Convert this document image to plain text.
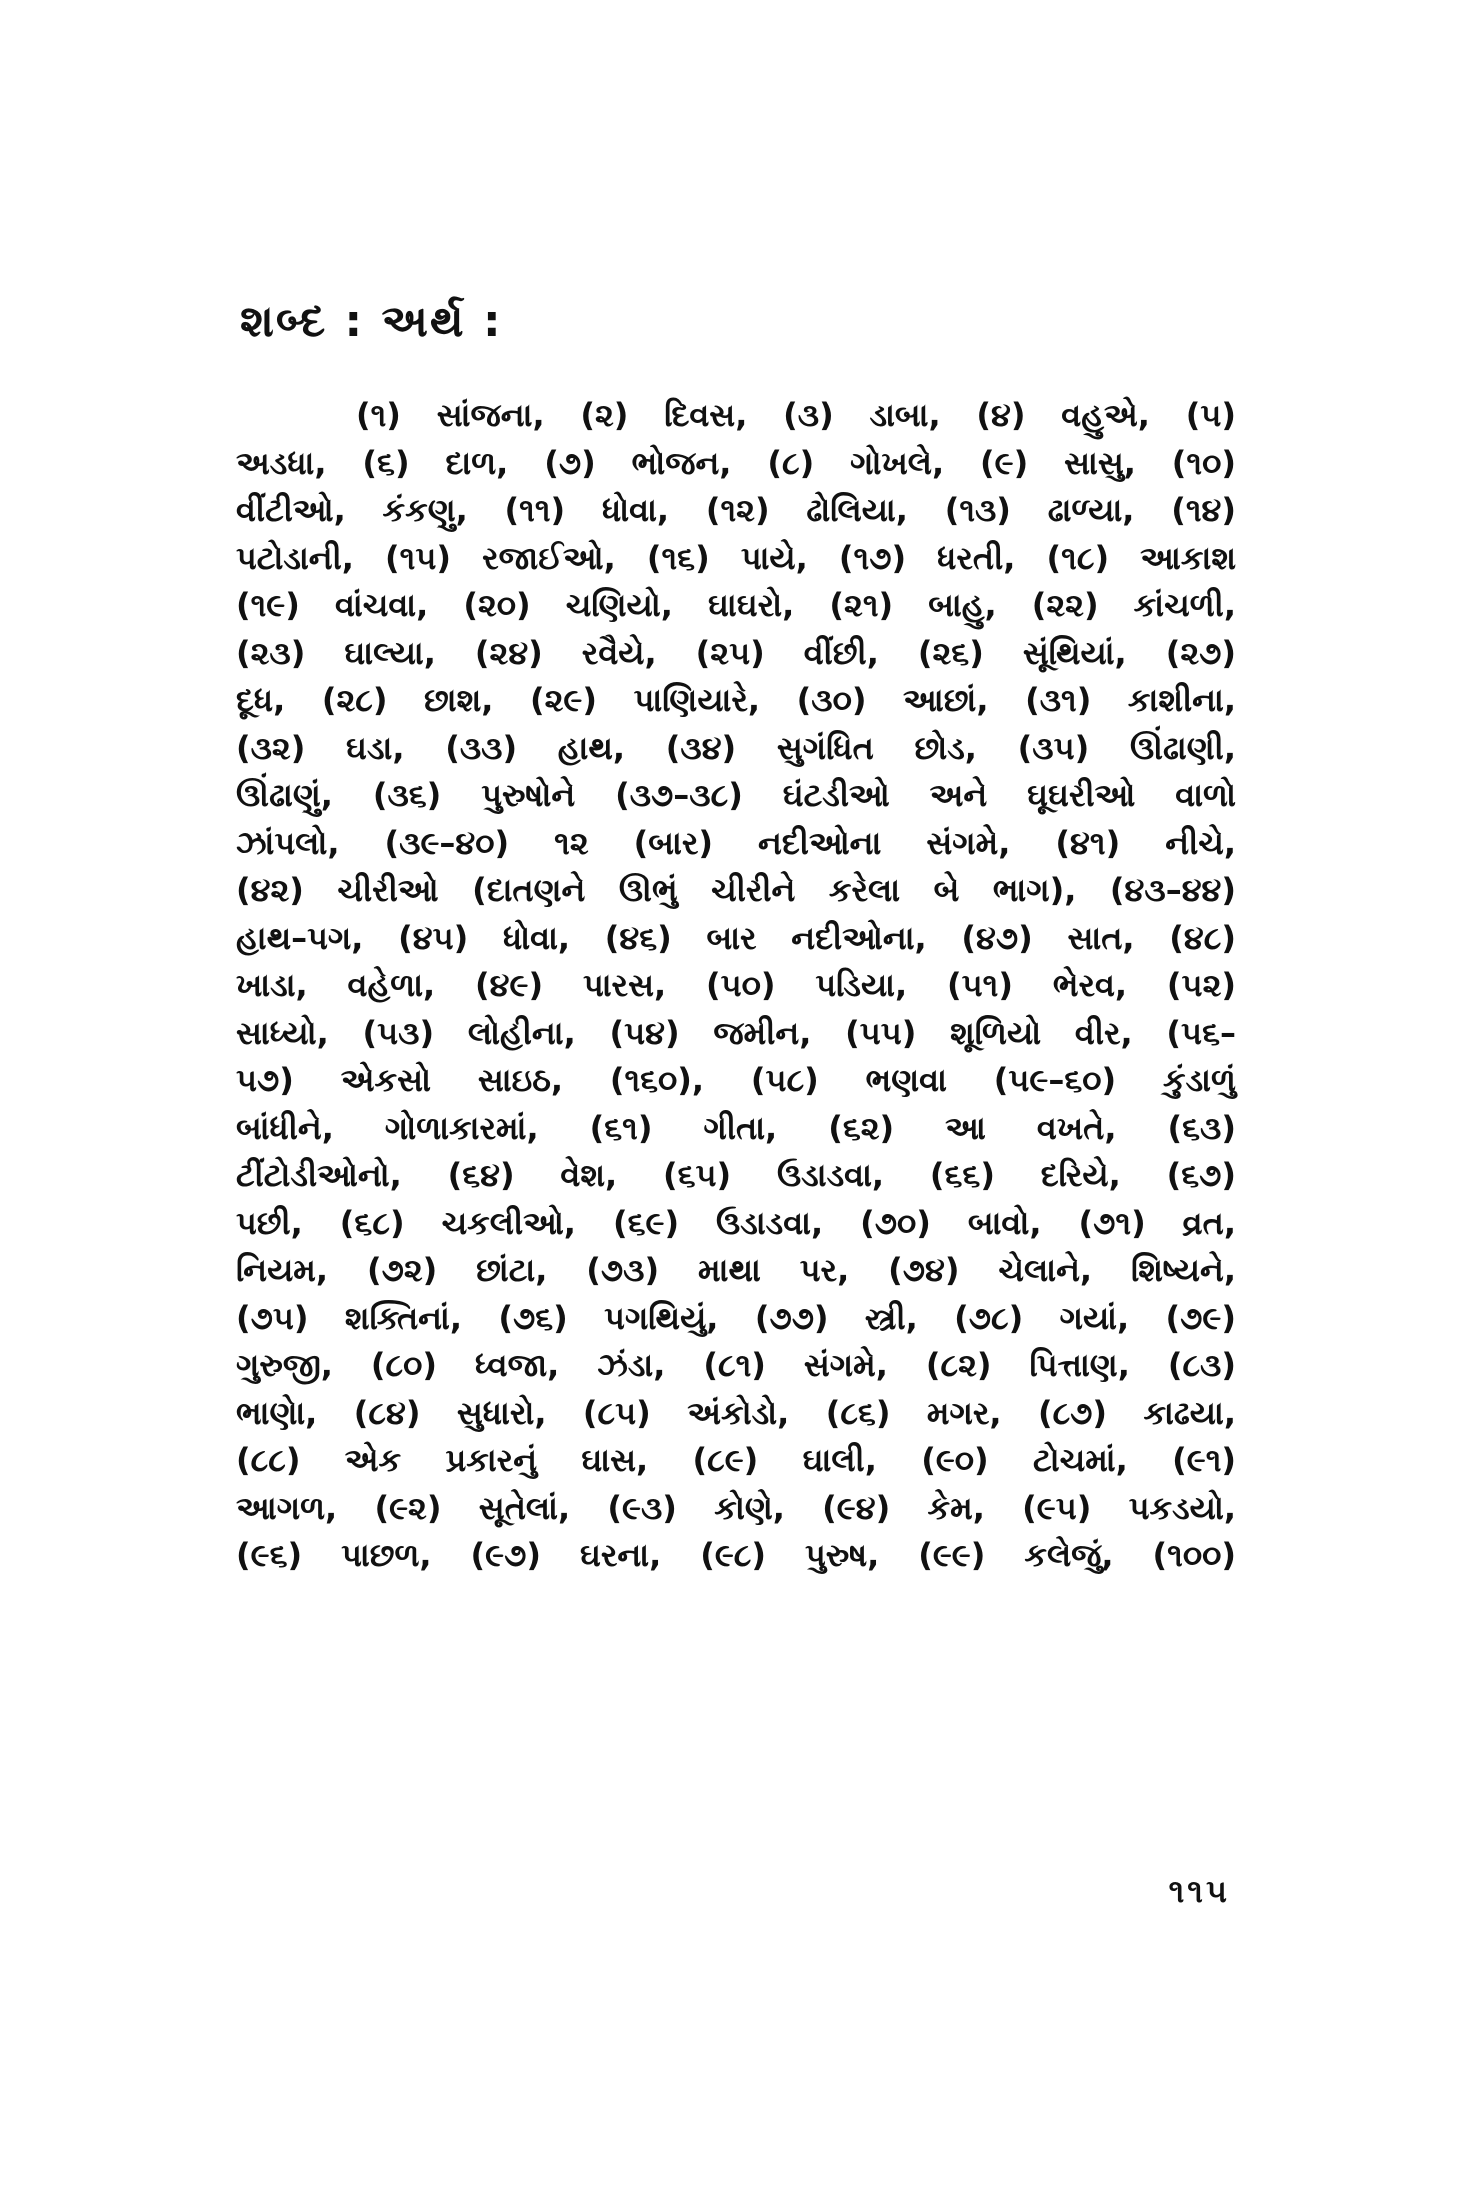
શબ્દ : અર્થ :
(૧) સાંજના, (૨) દિવસ, (૩) ડાબા, (૪) વહુએ, (૫)
અડધા, (૬) દાળ, (૭) ભોજન, (૮) ગોખલે, (૯) સાસુ, (૧૦)
વીંટીઓ, કંકણુ, (૧૧) ધોવા, (૧૨) ઢોલિયા, (૧૩) ઢાળ્યા, (૧૪)
પટોડાની, (૧૫) રજાઈઓ, (૧૬) પાયે, (૧૭) ધરતી, (૧૮) આકાશ
(૧૯) વાંચવા, (૨૦) ચણિયો, ઘાઘરો, (૨૧) બાહુ, (૨૨) કાંચળી,
(૨૩) ઘાલ્યા, (૨૪) રવૈયે, (૨૫) વીંછી, (૨૬) સૂંથિયાં, (૨૭)
દૂધ, (૨૮) છાશ, (૨૯) પાણિયારે, (૩૦) આછાં, (૩૧) કાશીના,
(૩૨) ઘડા, (૩૩) હાથ, (૩૪) સુગંધિત છોડ, (૩૫) ઊંઢાણી,
ઊંઢાણું, (૩૬) પુરુષોને (૩૭–૩૮) ઘંટડીઓ અને ઘૂઘરીઓ વાળો
ઝાંપલો, (૩૯–૪૦) ૧૨ (બાર) નદીઓના સંગમે, (૪૧) નીચે,
(૪૨) ચીરીઓ (દાતણને ઊભું ચીરીને કરેલા બે ભાગ), (૪૩–૪૪)
હાથ–પગ, (૪૫) ધોવા, (૪૬) બાર નદીઓના, (૪૭) સાત, (૪૮)
ખાડા, વહેળા, (૪૯) પારસ, (૫૦) પડિયા, (૫૧) ભેરવ, (૫૨)
સાધ્યો, (૫૩) લોહીના, (૫૪) જમીન, (૫૫) શૂળિયો વીર, (૫૬–
૫૭) એકસો સાઇઠ, (૧૬૦), (૫૮) ભણવા (૫૯–૬૦) કુંડાળું
બાંધીને, ગોળાકારમાં, (૬૧) ગીતા, (૬૨) આ વખતે, (૬૩)
ટીંટોડીઓનો, (૬૪) વેશ, (૬૫) ઉડાડવા, (૬૬) દરિયે, (૬૭)
પછી, (૬૮) ચકલીઓ, (૬૯) ઉડાડવા, (૭૦) બાવો, (૭૧) વ્રત,
નિયમ, (૭૨) છાંટા, (૭૩) માથા પર, (૭૪) ચેલાને, શિષ્યને,
(૭૫) શક્તિનાં, (૭૬) પગથિયું, (૭૭) સ્ત્રી, (૭૮) ગયાં, (૭૯)
ગુરુજી, (૮૦) ધ્વજા, ઝંડા, (૮૧) સંગમે, (૮૨) પિત્તાણ, (૮૩)
ભાણેા, (૮૪) સુધારો, (૮૫) અંકોડો, (૮૬) મગર, (૮૭) કાઢયા,
(૮૮) એક પ્રકારનું ઘાસ, (૮૯) ઘાલી, (૯૦) ટોચમાં, (૯૧)
આગળ, (૯૨) સૂતેલાં, (૯૩) કોણે, (૯૪) કેમ, (૯૫) પકડયો,
(૯૬) પાછળ, (૯૭) ઘરના, (૯૮) પુરુષ, (૯૯) કલેજું, (૧૦૦)
૧૧૫
